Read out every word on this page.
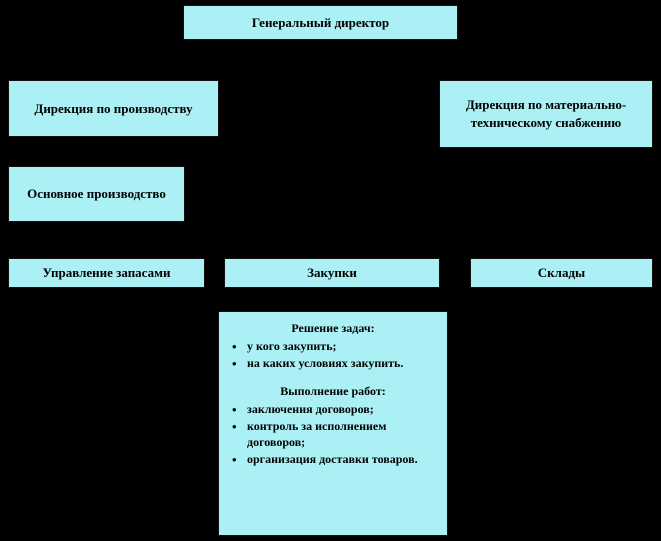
Генеральный директор
Дирекция по производству	Дирекция по материально-техническому снабжению
Основное производство
Управление запасами	Закупки	Склады
Решение задач:
• у кого закупить;
• на каких условиях закупить.
Выполнение работ:
• заключения договоров;
• контроль за исполнением договоров;
• организация доставки товаров.
